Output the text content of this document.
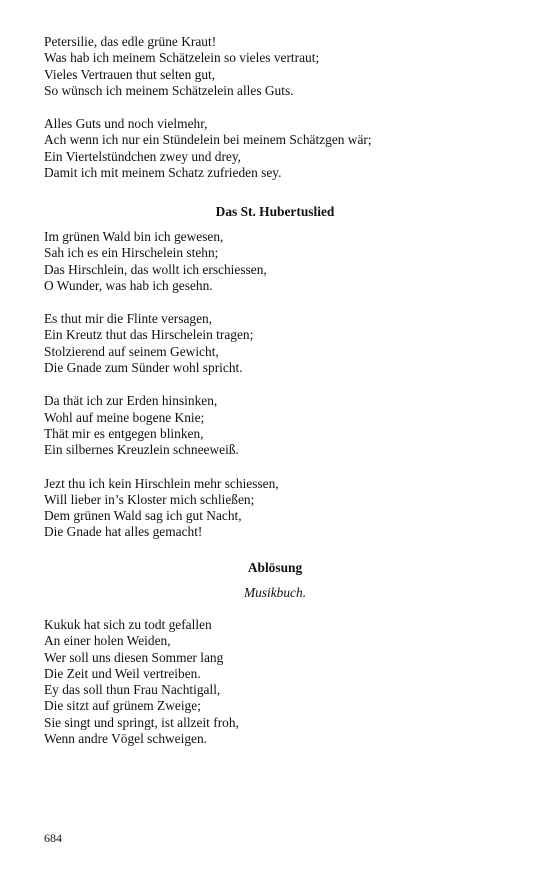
Petersilie, das edle grüne Kraut!
Was hab ich meinem Schätzelein so vieles vertraut;
Vieles Vertrauen thut selten gut,
So wünsch ich meinem Schätzelein alles Guts.
Alles Guts und noch vielmehr,
Ach wenn ich nur ein Stündelein bei meinem Schätzgen wär;
Ein Viertelstündchen zwey und drey,
Damit ich mit meinem Schatz zufrieden sey.
Das St. Hubertuslied
Im grünen Wald bin ich gewesen,
Sah ich es ein Hirschelein stehn;
Das Hirschlein, das wollt ich erschiessen,
O Wunder, was hab ich gesehn.
Es thut mir die Flinte versagen,
Ein Kreutz thut das Hirschelein tragen;
Stolzierend auf seinem Gewicht,
Die Gnade zum Sünder wohl spricht.
Da thät ich zur Erden hinsinken,
Wohl auf meine bogene Knie;
Thät mir es entgegen blinken,
Ein silbernes Kreuzlein schneeweiß.
Jezt thu ich kein Hirschlein mehr schiessen,
Will lieber in’s Kloster mich schließen;
Dem grünen Wald sag ich gut Nacht,
Die Gnade hat alles gemacht!
Ablösung
Musikbuch.
Kukuk hat sich zu todt gefallen
An einer holen Weiden,
Wer soll uns diesen Sommer lang
Die Zeit und Weil vertreiben.
Ey das soll thun Frau Nachtigall,
Die sitzt auf grünem Zweige;
Sie singt und springt, ist allzeit froh,
Wenn andre Vögel schweigen.
684
